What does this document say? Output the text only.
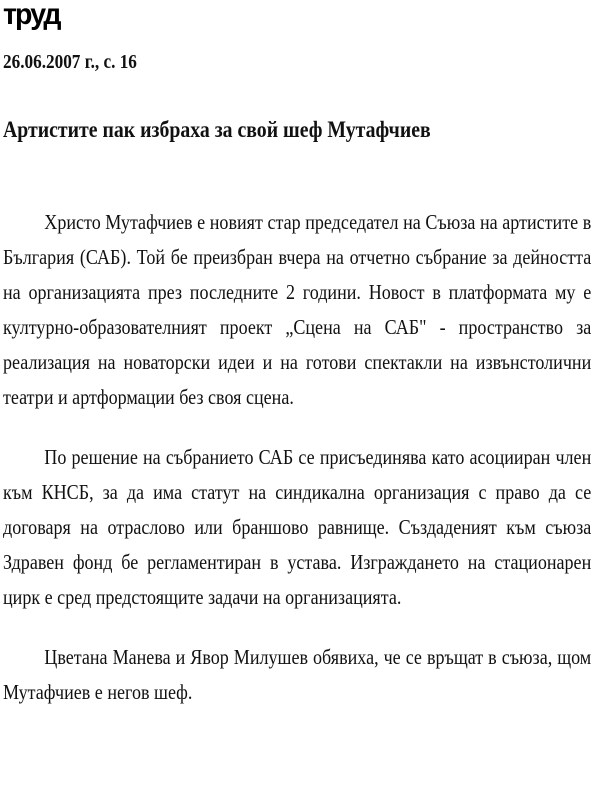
труд
26.06.2007 г., с. 16
Артистите пак избраха за свой шеф Мутафчиев

Христо Мутафчиев е новият стар председател на Съюза на артистите в България (САБ). Той бе преизбран вчера на отчетно събрание за дейността на организацията през последните 2 години. Новост в платформата му е културно-образователният проект „Сцена на САБ" - пространство за реализация на новаторски идеи и на готови спектакли на извънстолични театри и артформации без своя сцена.

По решение на събранието САБ се присъединява като асоцииран член към КНСБ, за да има статут на синдикална организация с право да се договаря на отраслово или браншово равнище. Създаденият към съюза Здравен фонд бе регламентиран в устава. Изграждането на стационарен цирк е сред предстоящите задачи на организацията.

Цветана Манева и Явор Милушев обявиха, че се връщат в съюза, щом Мутафчиев е негов шеф.
